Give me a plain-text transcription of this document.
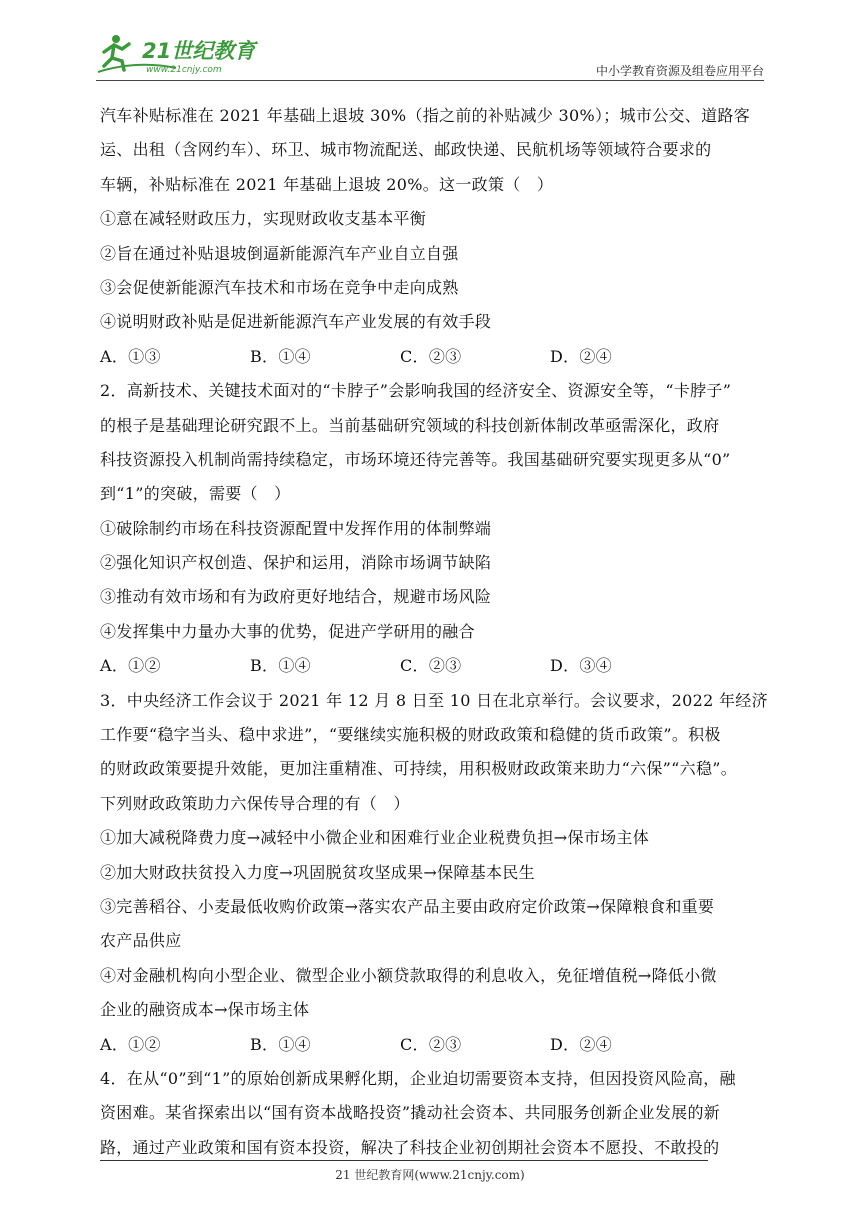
21世纪教育
www.21cnjy.com	中小学教育资源及组卷应用平台
汽车补贴标准在 2021 年基础上退坡 30%（指之前的补贴减少 30%）；城市公交、道路客
运、出租（含网约车）、环卫、城市物流配送、邮政快递、民航机场等领域符合要求的
车辆，补贴标准在 2021 年基础上退坡 20%。这一政策（　）
①意在减轻财政压力，实现财政收支基本平衡
②旨在通过补贴退坡倒逼新能源汽车产业自立自强
③会促使新能源汽车技术和市场在竞争中走向成熟
④说明财政补贴是促进新能源汽车产业发展的有效手段
A．①③	B．①④	C．②③	D．②④
2．高新技术、关键技术面对的“卡脖子”会影响我国的经济安全、资源安全等，“卡脖子”
的根子是基础理论研究跟不上。当前基础研究领域的科技创新体制改革亟需深化，政府
科技资源投入机制尚需持续稳定，市场环境还待完善等。我国基础研究要实现更多从“0”
到“1”的突破，需要（　）
①破除制约市场在科技资源配置中发挥作用的体制弊端
②强化知识产权创造、保护和运用，消除市场调节缺陷
③推动有效市场和有为政府更好地结合，规避市场风险
④发挥集中力量办大事的优势，促进产学研用的融合
A．①②	B．①④	C．②③	D．③④
3．中央经济工作会议于 2021 年 12 月 8 日至 10 日在北京举行。会议要求，2022 年经济
工作要“稳字当头、稳中求进”，“要继续实施积极的财政政策和稳健的货币政策”。积极
的财政政策要提升效能，更加注重精准、可持续，用积极财政政策来助力“六保”“六稳”。
下列财政政策助力六保传导合理的有（　）
①加大减税降费力度→减轻中小微企业和困难行业企业税费负担→保市场主体
②加大财政扶贫投入力度→巩固脱贫攻坚成果→保障基本民生
③完善稻谷、小麦最低收购价政策→落实农产品主要由政府定价政策→保障粮食和重要
农产品供应
④对金融机构向小型企业、微型企业小额贷款取得的利息收入，免征增值税→降低小微
企业的融资成本→保市场主体
A．①②	B．①④	C．②③	D．②④
4．在从“0”到“1”的原始创新成果孵化期，企业迫切需要资本支持，但因投资风险高，融
资困难。某省探索出以“国有资本战略投资”撬动社会资本、共同服务创新企业发展的新
路，通过产业政策和国有资本投资，解决了科技企业初创期社会资本不愿投、不敢投的
21 世纪教育网(www.21cnjy.com)
